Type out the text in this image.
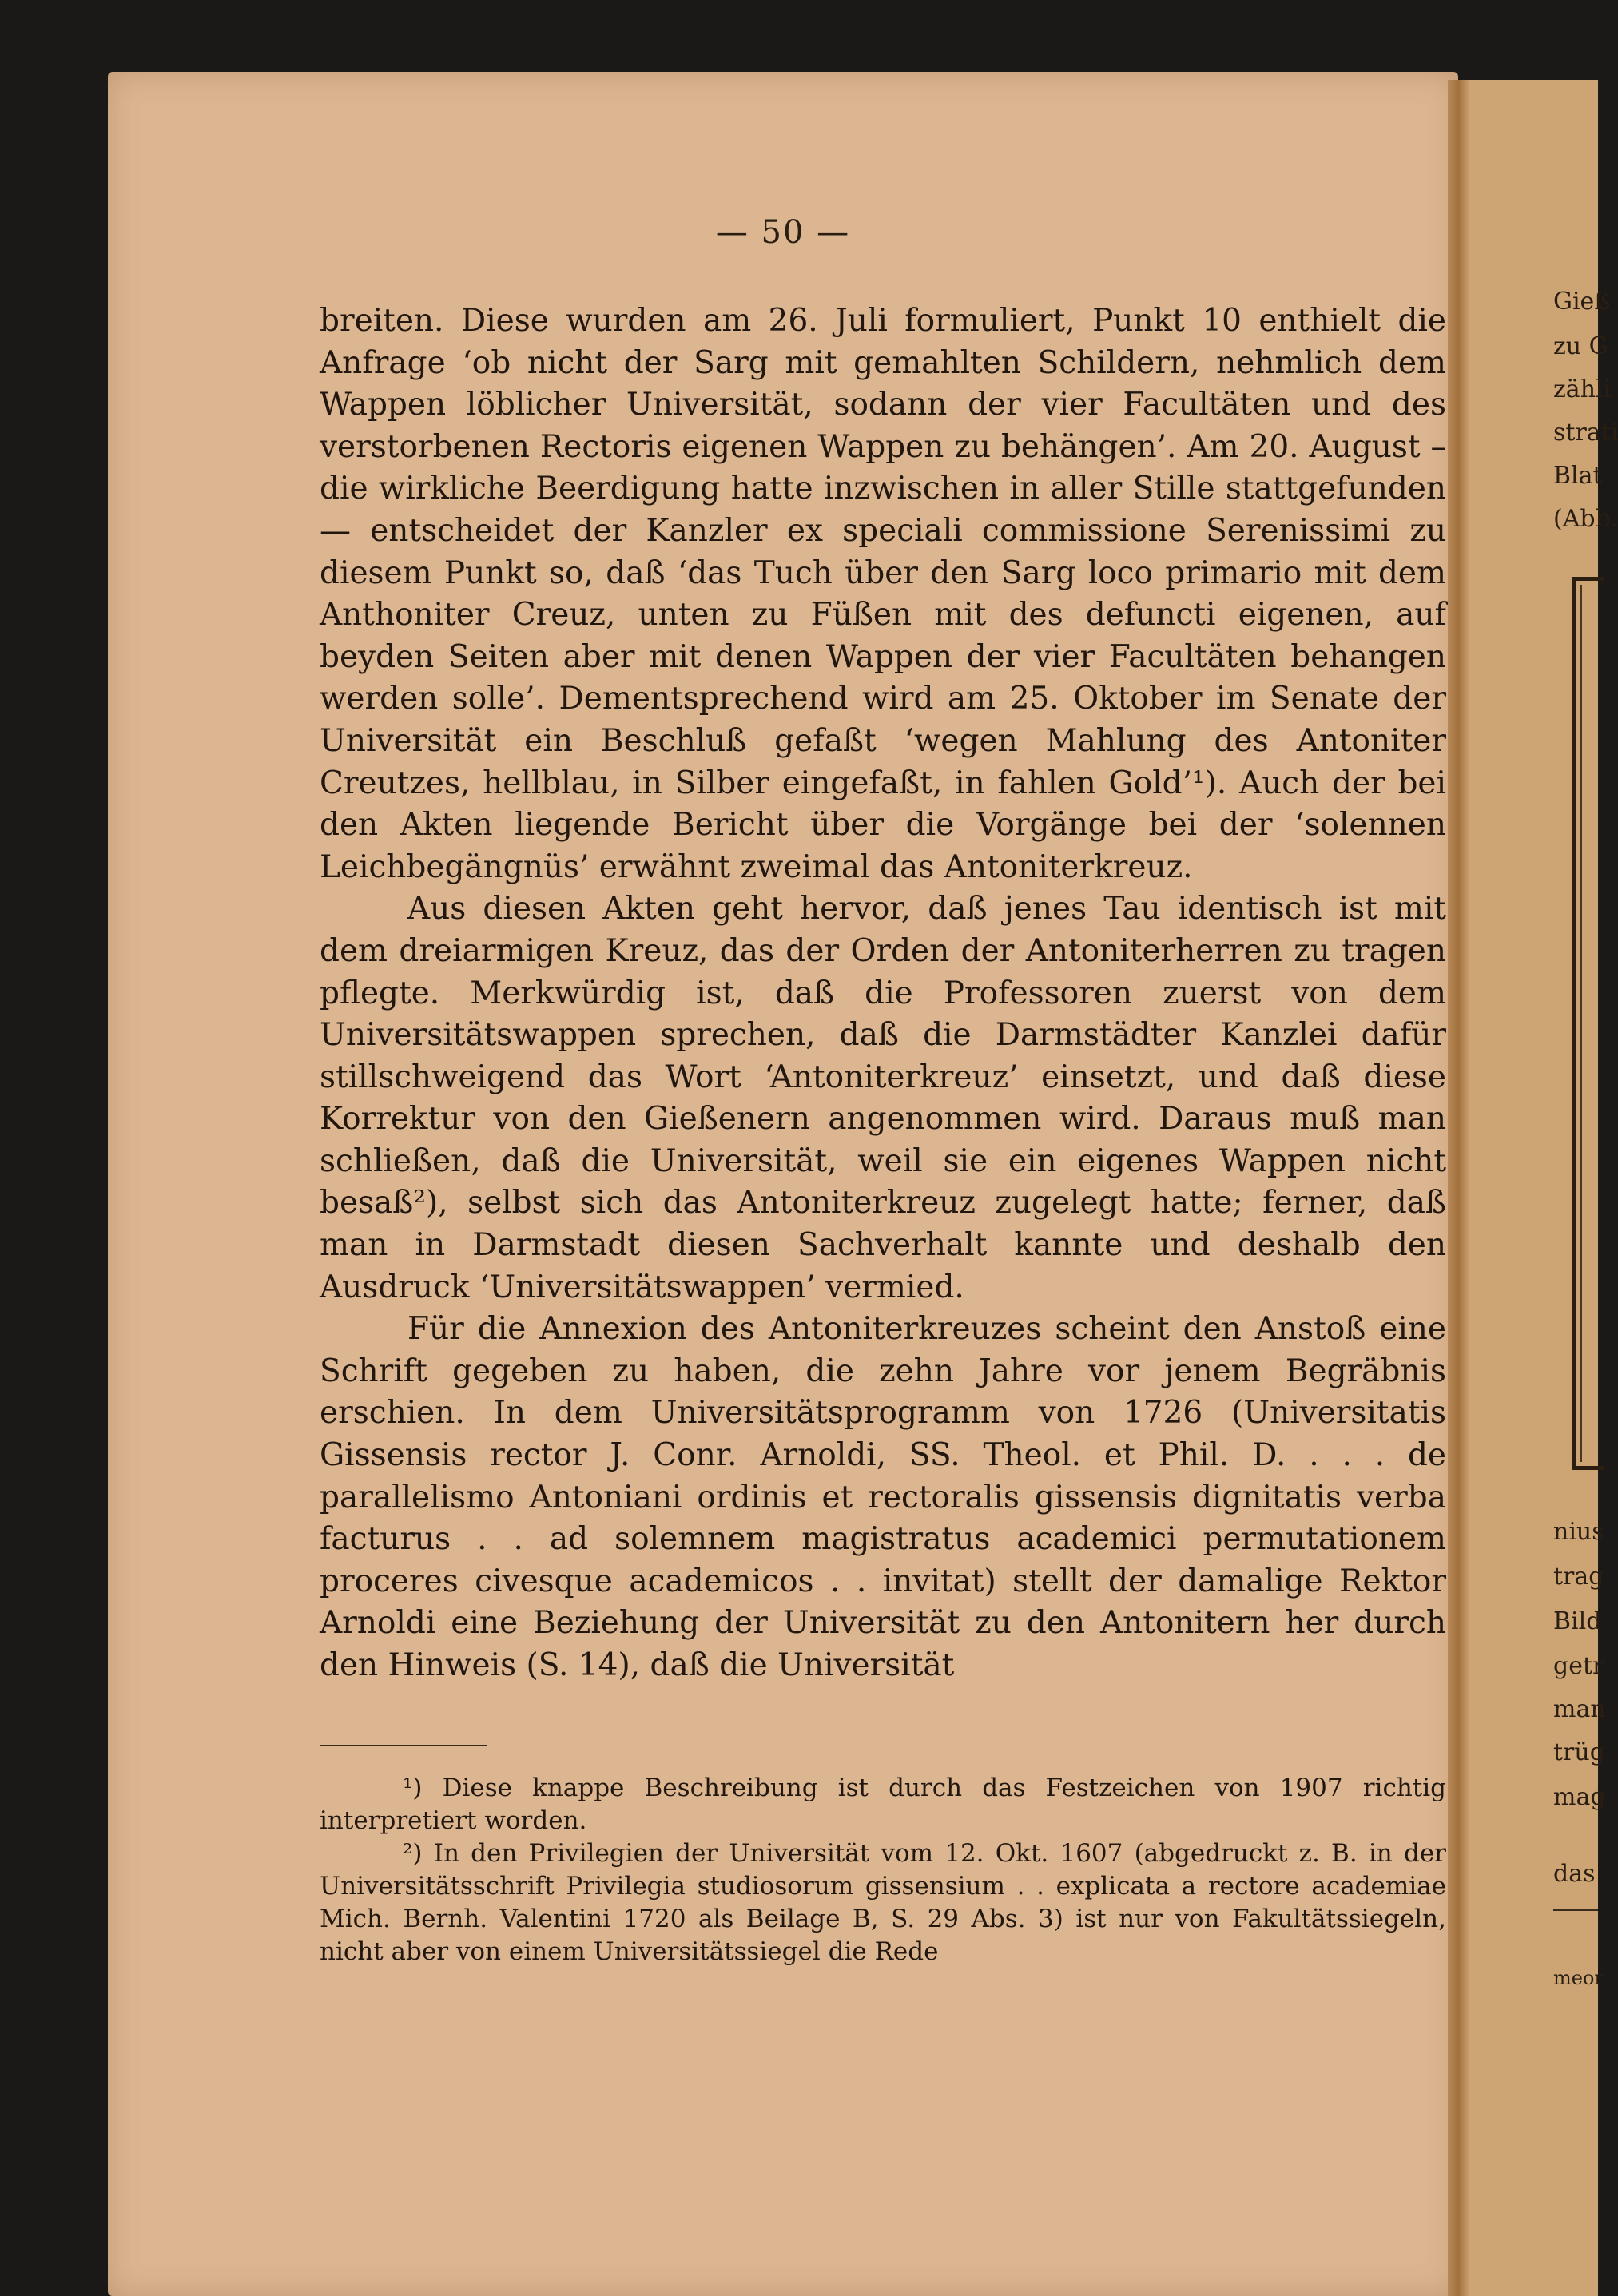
— 50 —

breiten. Diese wurden am 26. Juli formuliert, Punkt 10 enthielt die Anfrage ‘ob nicht der Sarg mit gemahlten Schildern, nehmlich dem Wappen löblicher Universität, sodann der vier Facultäten und des verstorbenen Rectoris eigenen Wappen zu behängen’. Am 20. August – die wirkliche Beerdigung hatte inzwischen in aller Stille stattgefunden — entscheidet der Kanzler ex speciali commissione Serenissimi zu diesem Punkt so, daß ‘das Tuch über den Sarg loco primario mit dem Anthoniter Creuz, unten zu Füßen mit des defuncti eigenen, auf beyden Seiten aber mit denen Wappen der vier Facultäten behangen werden solle’. Dementsprechend wird am 25. Oktober im Senate der Universität ein Beschluß gefaßt ‘wegen Mahlung des Antoniter Creutzes, hellblau, in Silber eingefaßt, in fahlen Gold’¹). Auch der bei den Akten liegende Bericht über die Vorgänge bei der ‘solennen Leichbegängnüs’ erwähnt zweimal das Antoniterkreuz.

Aus diesen Akten geht hervor, daß jenes Tau identisch ist mit dem dreiarmigen Kreuz, das der Orden der Antoniterherren zu tragen pflegte. Merkwürdig ist, daß die Professoren zuerst von dem Universitätswappen sprechen, daß die Darmstädter Kanzlei dafür stillschweigend das Wort ‘Antoniterkreuz’ einsetzt, und daß diese Korrektur von den Gießenern angenommen wird. Daraus muß man schließen, daß die Universität, weil sie ein eigenes Wappen nicht besaß²), selbst sich das Antoniterkreuz zugelegt hatte; ferner, daß man in Darmstadt diesen Sachverhalt kannte und deshalb den Ausdruck ‘Universitätswappen’ vermied.

Für die Annexion des Antoniterkreuzes scheint den Anstoß eine Schrift gegeben zu haben, die zehn Jahre vor jenem Begräbnis erschien. In dem Universitätsprogramm von 1726 (Universitatis Gissensis rector J. Conr. Arnoldi, SS. Theol. et Phil. D. . . . de parallelismo Antoniani ordinis et rectoralis gissensis dignitatis verba facturus . . ad solemnem magistratus academici permutationem proceres civesque academicos . . invitat) stellt der damalige Rektor Arnoldi eine Beziehung der Universität zu den Antonitern her durch den Hinweis (S. 14), daß die Universität

¹) Diese knappe Beschreibung ist durch das Festzeichen von 1907 richtig interpretiert worden.

²) In den Privilegien der Universität vom 12. Okt. 1607 (abgedruckt z. B. in der Universitätsschrift Privilegia studiosorum gissensium . . explicata a rectore academiae Mich. Bernh. Valentini 1720 als Beilage B, S. 29 Abs. 3) ist nur von Fakultätssiegeln, nicht aber von einem Universitätssiegel die Rede

Gieß
zu G
zähli
strati
Blat
(Abb.
nius
trag
Bild
getr
man
trüg
mag
das
meor
